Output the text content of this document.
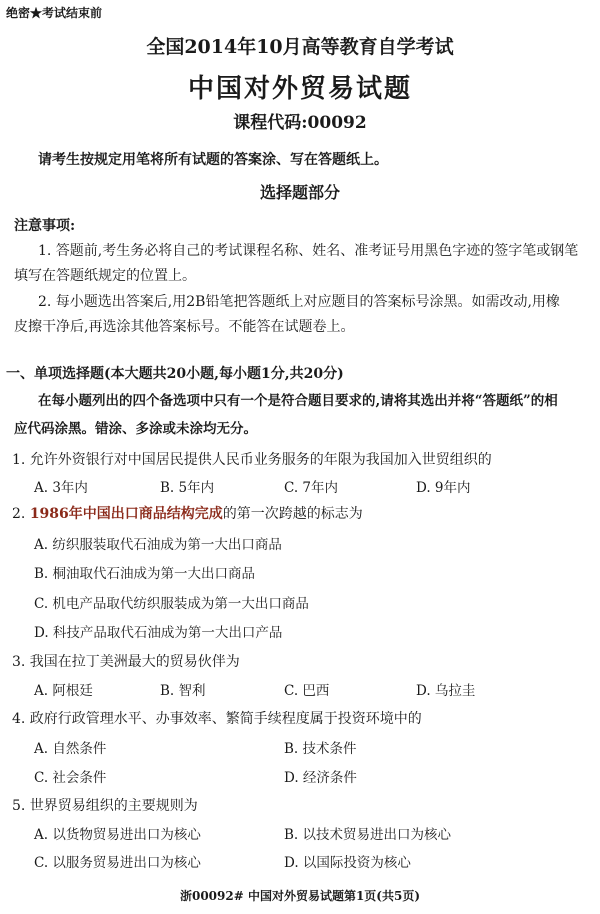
绝密★考试结束前
全国2014年10月高等教育自学考试
中国对外贸易试题
课程代码:00092
请考生按规定用笔将所有试题的答案涂、写在答题纸上。
选择题部分
注意事项:
1. 答题前,考生务必将自己的考试课程名称、姓名、准考证号用黑色字迹的签字笔或钢笔
填写在答题纸规定的位置上。
2. 每小题选出答案后,用2B铅笔把答题纸上对应题目的答案标号涂黑。如需改动,用橡
皮擦干净后,再选涂其他答案标号。不能答在试题卷上。
一、单项选择题(本大题共20小题,每小题1分,共20分)
在每小题列出的四个备选项中只有一个是符合题目要求的,请将其选出并将“答题纸”的相
应代码涂黑。错涂、多涂或未涂均无分。
1. 允许外资银行对中国居民提供人民币业务服务的年限为我国加入世贸组织的
A. 3年内	B. 5年内	C. 7年内	D. 9年内
2. 1986年中国出口商品结构完成的第一次跨越的标志为
A. 纺织服装取代石油成为第一大出口商品
B. 桐油取代石油成为第一大出口商品
C. 机电产品取代纺织服装成为第一大出口商品
D. 科技产品取代石油成为第一大出口产品
3. 我国在拉丁美洲最大的贸易伙伴为
A. 阿根廷	B. 智利	C. 巴西	D. 乌拉圭
4. 政府行政管理水平、办事效率、繁简手续程度属于投资环境中的
A. 自然条件	B. 技术条件
C. 社会条件	D. 经济条件
5. 世界贸易组织的主要规则为
A. 以货物贸易进出口为核心	B. 以技术贸易进出口为核心
C. 以服务贸易进出口为核心	D. 以国际投资为核心
浙00092# 中国对外贸易试题第1页(共5页)
